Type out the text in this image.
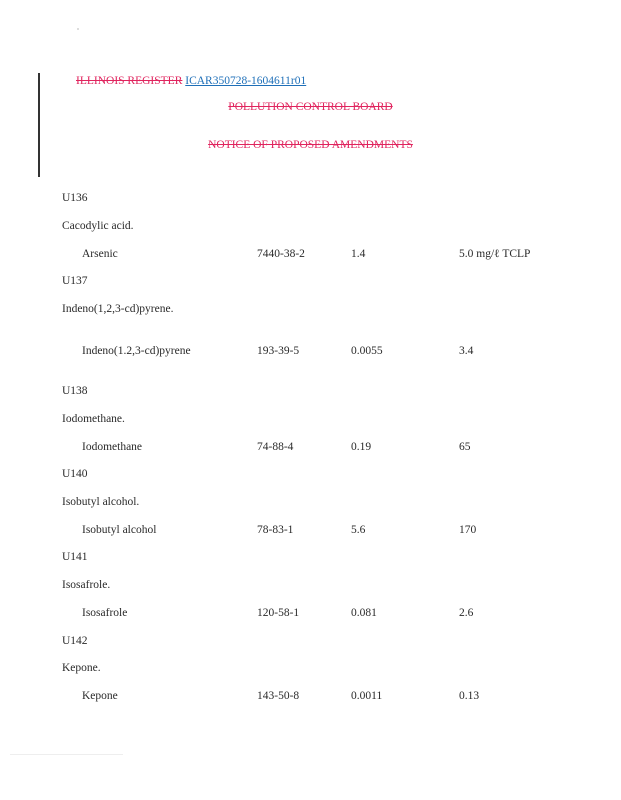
ILLINOIS REGISTER ICAR350728-1604611r01
POLLUTION CONTROL BOARD
NOTICE OF PROPOSED AMENDMENTS
U136
Cacodylic acid.
Arsenic	7440-38-2	1.4	5.0 mg/ℓ TCLP
U137
Indeno(1,2,3-cd)pyrene.
Indeno(1.2,3-cd)pyrene	193-39-5	0.0055	3.4
U138
Iodomethane.
Iodomethane	74-88-4	0.19	65
U140
Isobutyl alcohol.
Isobutyl alcohol	78-83-1	5.6	170
U141
Isosafrole.
Isosafrole	120-58-1	0.081	2.6
U142
Kepone.
Kepone	143-50-8	0.0011	0.13
